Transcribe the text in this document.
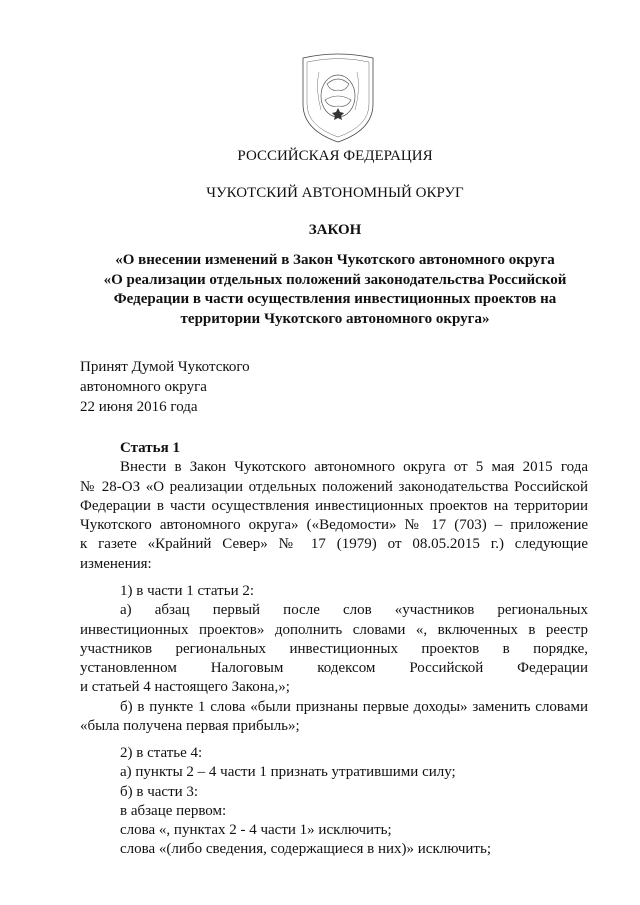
РОССИЙСКАЯ ФЕДЕРАЦИЯ
ЧУКОТСКИЙ АВТОНОМНЫЙ ОКРУГ
ЗАКОН
«О внесении изменений в Закон Чукотского автономного округа
«О реализации отдельных положений законодательства Российской
Федерации в части осуществления инвестиционных проектов на
территории Чукотского автономного округа»
Принят Думой Чукотского
автономного округа
22 июня 2016 года
Статья 1
Внести в Закон Чукотского автономного округа от 5 мая 2015 года
№ 28-ОЗ «О реализации отдельных положений законодательства Российской
Федерации в части осуществления инвестиционных проектов на территории
Чукотского автономного округа» («Ведомости» № 17 (703) – приложение
к газете «Крайний Север» № 17 (1979) от 08.05.2015 г.) следующие
изменения:
1) в части 1 статьи 2:
а) абзац первый после слов «участников региональных
инвестиционных проектов» дополнить словами «, включенных в реестр
участников региональных инвестиционных проектов в порядке,
установленном Налоговым кодексом Российской Федерации
и статьей 4 настоящего Закона,»;
б) в пункте 1 слова «были признаны первые доходы» заменить словами
«была получена первая прибыль»;
2) в статье 4:
а) пункты 2 – 4 части 1 признать утратившими силу;
б) в части 3:
в абзаце первом:
слова «, пунктах 2 - 4 части 1» исключить;
слова «(либо сведения, содержащиеся в них)» исключить;
